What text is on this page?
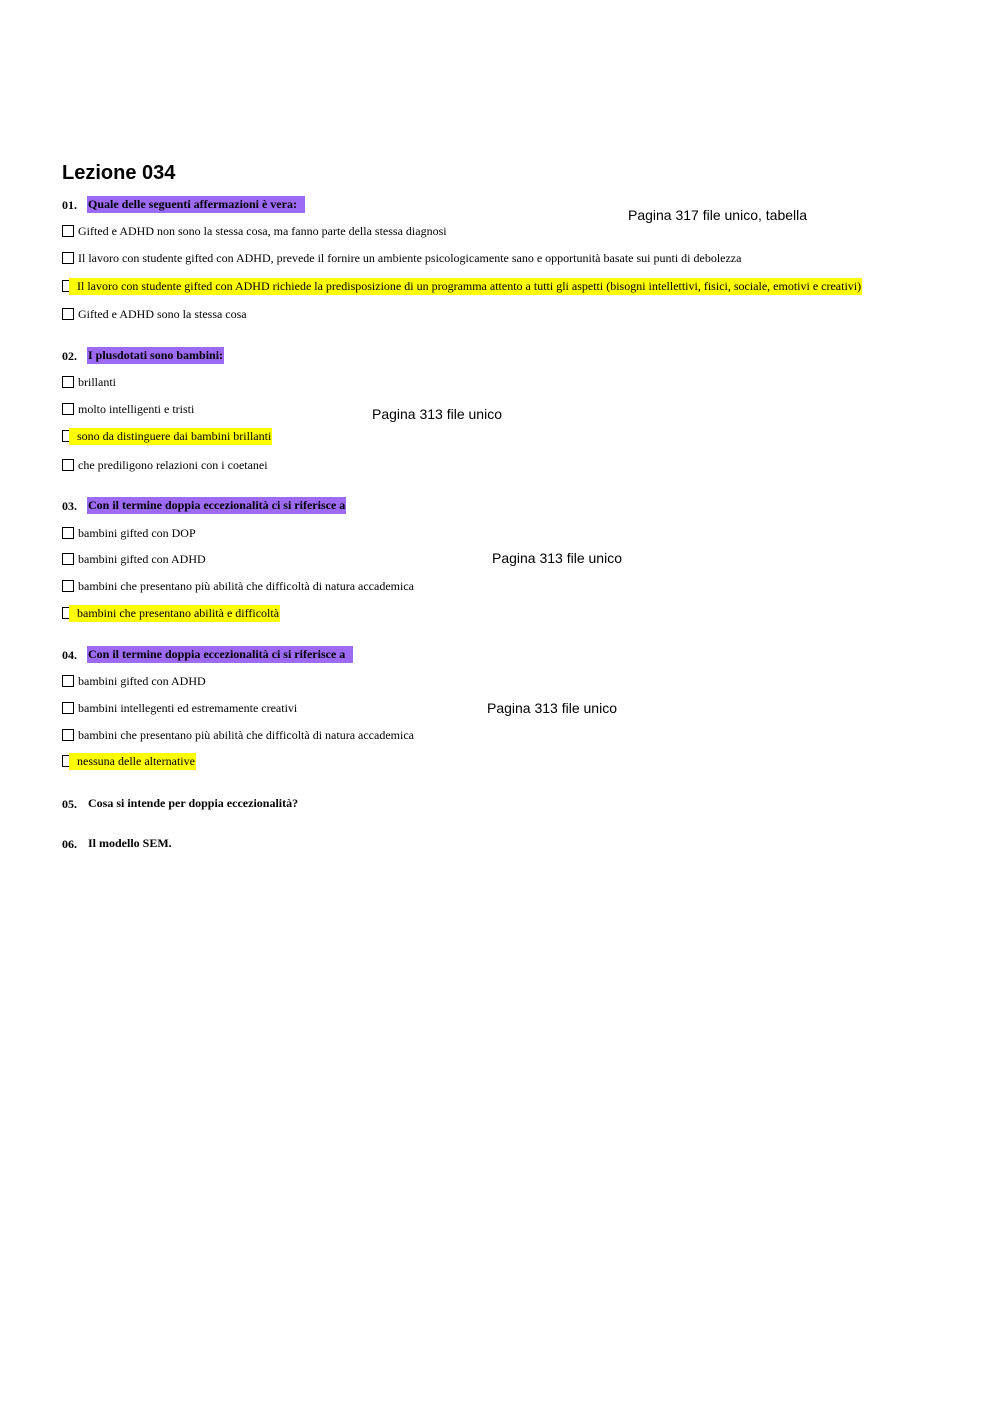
Lezione 034
01. Quale delle seguenti affermazioni è vera:
Pagina 317 file unico, tabella
Gifted e ADHD non sono la stessa cosa, ma fanno parte della stessa diagnosi
Il lavoro con studente gifted con ADHD, prevede il fornire un ambiente psicologicamente sano e opportunità basate sui punti di debolezza
Il lavoro con studente gifted con ADHD richiede la predisposizione di un programma attento a tutti gli aspetti (bisogni intellettivi, fisici, sociale, emotivi e creativi)
Gifted e ADHD sono la stessa cosa
02. I plusdotati sono bambini:
Pagina 313 file unico
brillanti
molto intelligenti e tristi
sono da distinguere dai bambini brillanti
che prediligono relazioni con i coetanei
03. Con il termine doppia eccezionalità ci si riferisce a
Pagina 313 file unico
bambini gifted con DOP
bambini gifted con ADHD
bambini che presentano più abilità che difficoltà di natura accademica
bambini che presentano abilità e difficoltà
04. Con il termine doppia eccezionalità ci si riferisce a
Pagina 313 file unico
bambini gifted con ADHD
bambini intellegenti ed estremamente creativi
bambini che presentano più abilità che difficoltà di natura accademica
nessuna delle alternative
05. Cosa si intende per doppia eccezionalità?
06. Il modello SEM.
